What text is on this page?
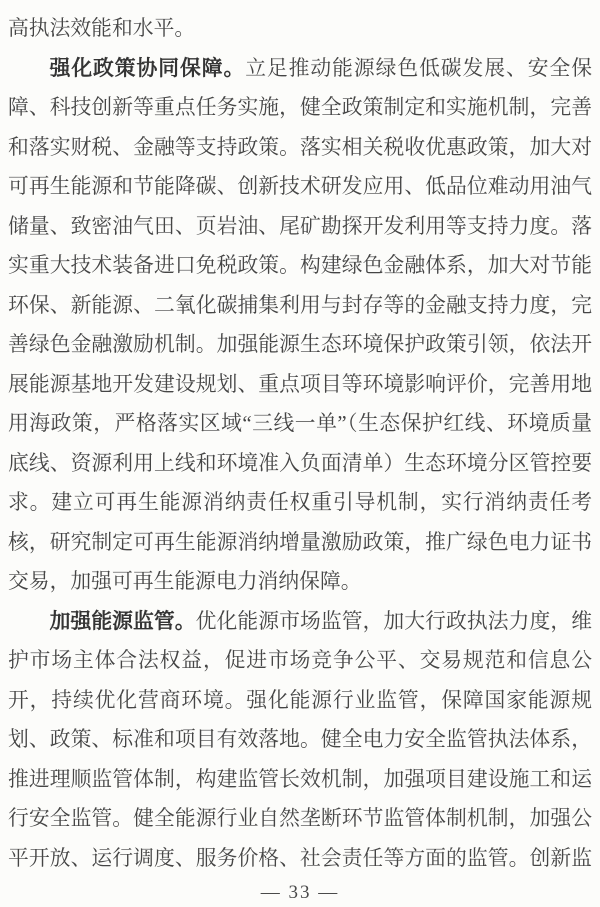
高执法效能和水平。
强化政策协同保障。立足推动能源绿色低碳发展、安全保
障、科技创新等重点任务实施，健全政策制定和实施机制，完善
和落实财税、金融等支持政策。落实相关税收优惠政策，加大对
可再生能源和节能降碳、创新技术研发应用、低品位难动用油气
储量、致密油气田、页岩油、尾矿勘探开发利用等支持力度。落
实重大技术装备进口免税政策。构建绿色金融体系，加大对节能
环保、新能源、二氧化碳捕集利用与封存等的金融支持力度，完
善绿色金融激励机制。加强能源生态环境保护政策引领，依法开
展能源基地开发建设规划、重点项目等环境影响评价，完善用地
用海政策，严格落实区域“三线一单”（生态保护红线、环境质量
底线、资源利用上线和环境准入负面清单）生态环境分区管控要
求。建立可再生能源消纳责任权重引导机制，实行消纳责任考
核，研究制定可再生能源消纳增量激励政策，推广绿色电力证书
交易，加强可再生能源电力消纳保障。
加强能源监管。优化能源市场监管，加大行政执法力度，维
护市场主体合法权益，促进市场竞争公平、交易规范和信息公
开，持续优化营商环境。强化能源行业监管，保障国家能源规
划、政策、标准和项目有效落地。健全电力安全监管执法体系，
推进理顺监管体制，构建监管长效机制，加强项目建设施工和运
行安全监管。健全能源行业自然垄断环节监管体制机制，加强公
平开放、运行调度、服务价格、社会责任等方面的监管。创新监
— 33 —
